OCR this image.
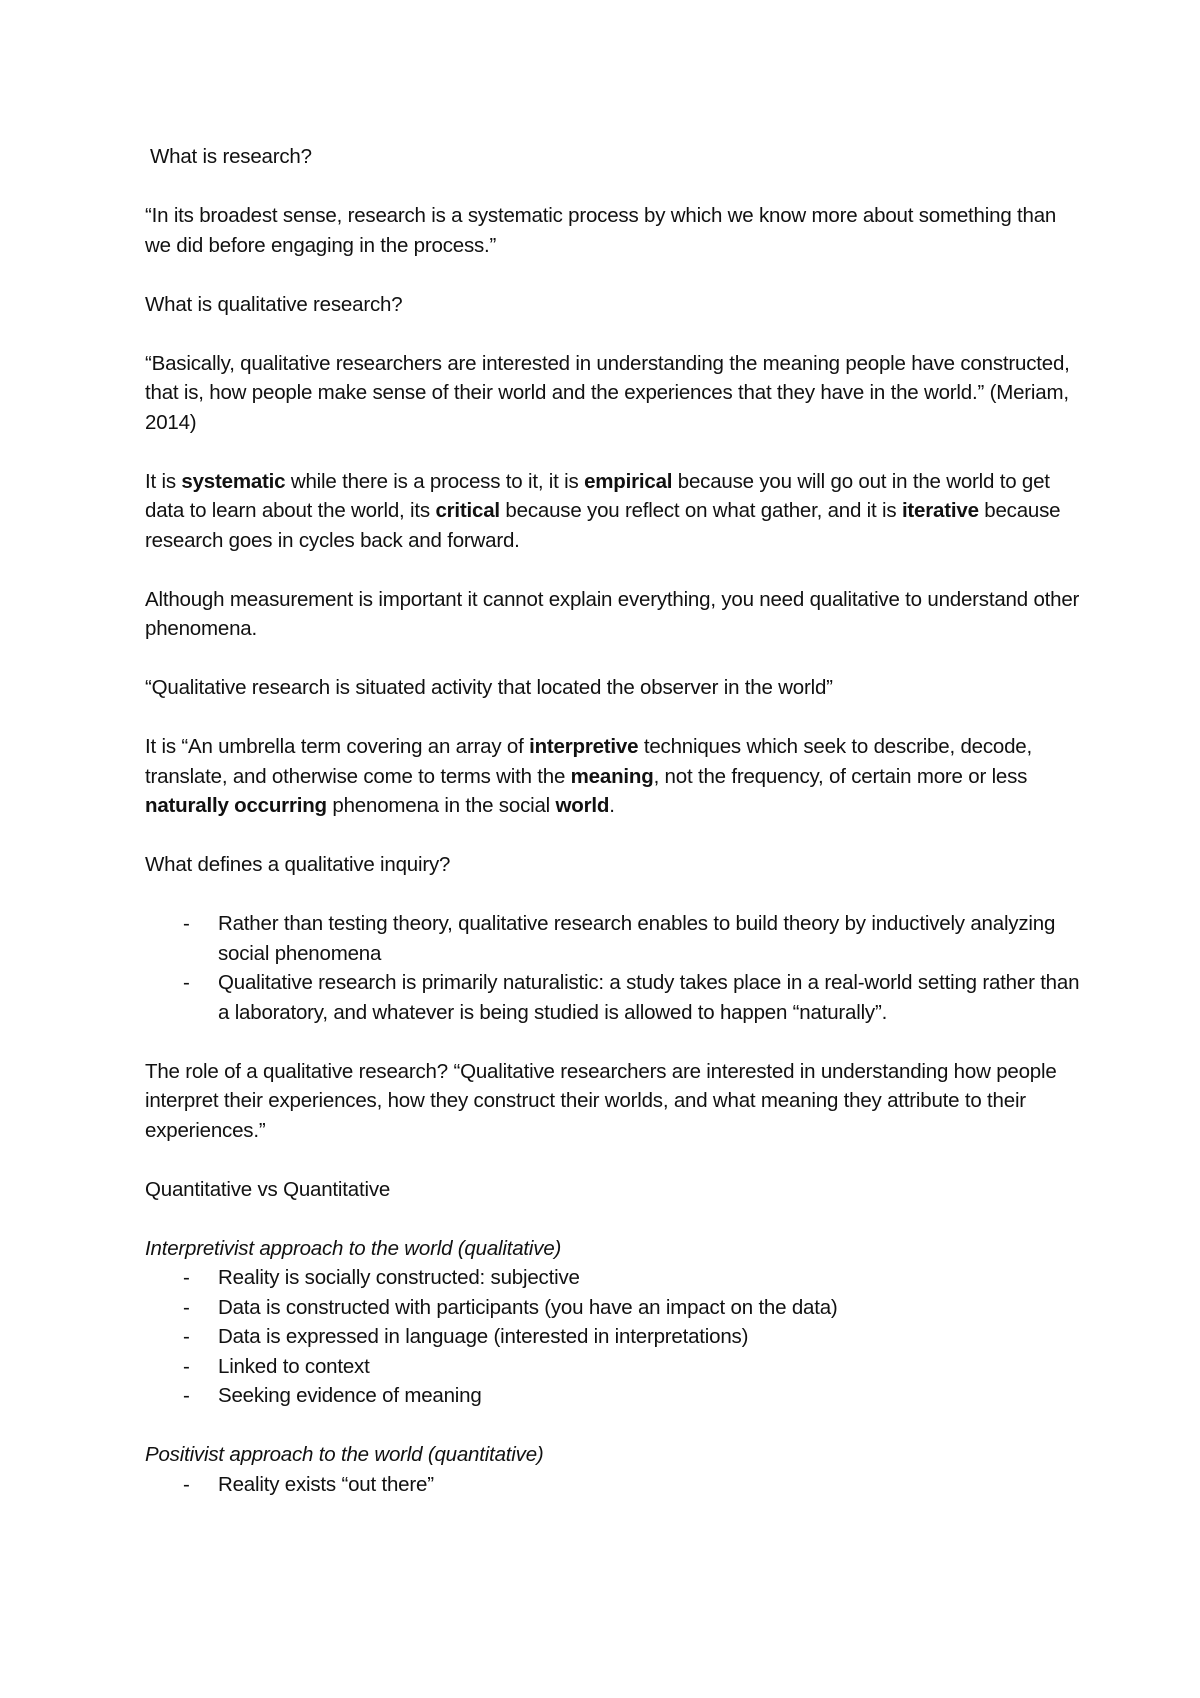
What is research?

“In its broadest sense, research is a systematic process by which we know more about something than we did before engaging in the process.”

What is qualitative research?

“Basically, qualitative researchers are interested in understanding the meaning people have constructed, that is, how people make sense of their world and the experiences that they have in the world.” (Meriam, 2014)

It is systematic while there is a process to it, it is empirical because you will go out in the world to get data to learn about the world, its critical because you reflect on what gather, and it is iterative because research goes in cycles back and forward.

Although measurement is important it cannot explain everything, you need qualitative to understand other phenomena.

“Qualitative research is situated activity that located the observer in the world”

It is “An umbrella term covering an array of interpretive techniques which seek to describe, decode, translate, and otherwise come to terms with the meaning, not the frequency, of certain more or less naturally occurring phenomena in the social world.

What defines a qualitative inquiry?

- Rather than testing theory, qualitative research enables to build theory by inductively analyzing social phenomena
- Qualitative research is primarily naturalistic: a study takes place in a real-world setting rather than a laboratory, and whatever is being studied is allowed to happen “naturally”.

The role of a qualitative research? “Qualitative researchers are interested in understanding how people interpret their experiences, how they construct their worlds, and what meaning they attribute to their experiences.”

Quantitative vs Quantitative

Interpretivist approach to the world (qualitative)

- Reality is socially constructed: subjective
- Data is constructed with participants (you have an impact on the data)
- Data is expressed in language (interested in interpretations)
- Linked to context
- Seeking evidence of meaning

Positivist approach to the world (quantitative)

- Reality exists “out there”
